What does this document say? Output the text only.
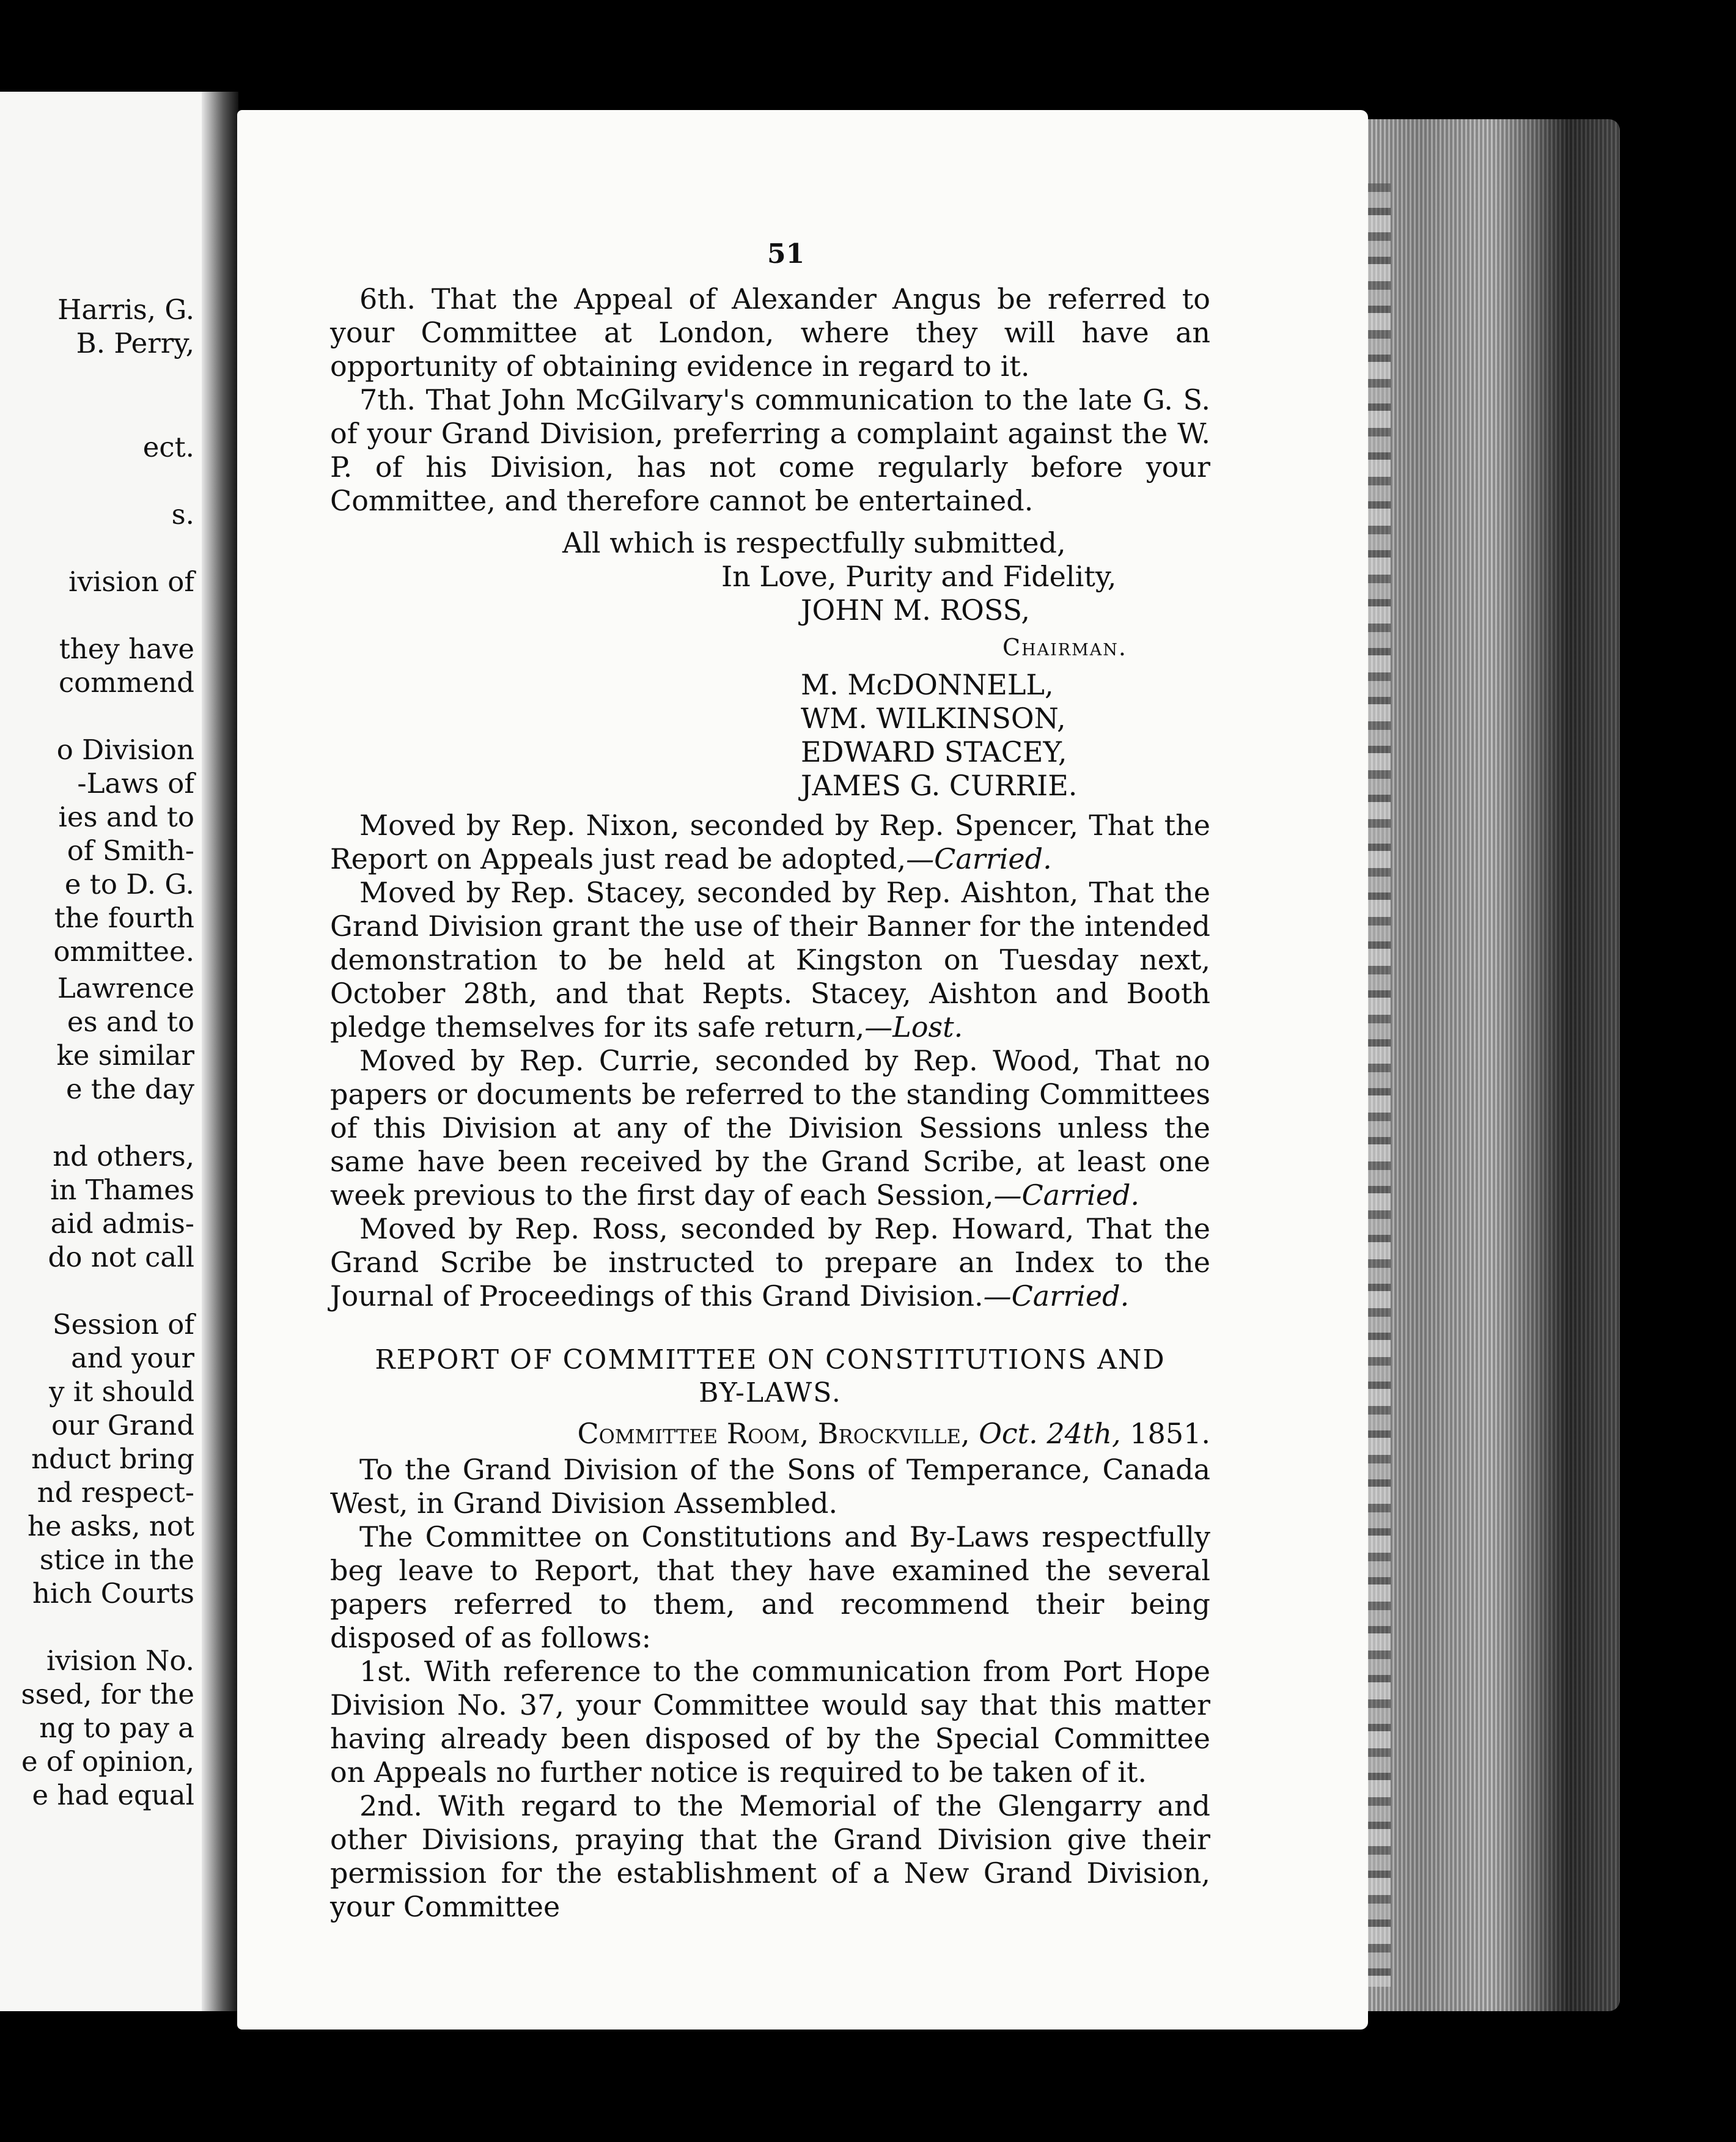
Harris, G.
B. Perry,
ect.
s.
ivision of
they have
commend
o Division
-Laws of
ies and to
of Smith-
e to D. G.
the fourth
ommittee.
Lawrence
es and to
ke similar
e the day
nd others,
in Thames
aid admis-
do not call
Session of
and your
y it should
our Grand
nduct bring
nd respect-
he asks, not
stice in the
hich Courts
ivision No.
ssed, for the
ng to pay a
e of opinion,
e had equal
51

6th. That the Appeal of Alexander Angus be referred to your Committee at London, where they will have an opportunity of obtaining evidence in regard to it.

7th. That John McGilvary's communication to the late G. S. of your Grand Division, preferring a complaint against the W. P. of his Division, has not come regularly before your Committee, and therefore cannot be entertained.

All which is respectfully submitted,
In Love, Purity and Fidelity,
JOHN M. ROSS,
Chairman.
M. McDONNELL,
WM. WILKINSON,
EDWARD STACEY,
JAMES G. CURRIE.

Moved by Rep. Nixon, seconded by Rep. Spencer, That the Report on Appeals just read be adopted,—Carried.

Moved by Rep. Stacey, seconded by Rep. Aishton, That the Grand Division grant the use of their Banner for the intended demonstration to be held at Kingston on Tuesday next, October 28th, and that Repts. Stacey, Aishton and Booth pledge themselves for its safe return,—Lost.

Moved by Rep. Currie, seconded by Rep. Wood, That no papers or documents be referred to the standing Committees of this Division at any of the Division Sessions unless the same have been received by the Grand Scribe, at least one week previous to the first day of each Session,—Carried.

Moved by Rep. Ross, seconded by Rep. Howard, That the Grand Scribe be instructed to prepare an Index to the Journal of Proceedings of this Grand Division.—Carried.

REPORT OF COMMITTEE ON CONSTITUTIONS AND
BY-LAWS.
Committee Room, Brockville, Oct. 24th, 1851.

To the Grand Division of the Sons of Temperance, Canada West, in Grand Division Assembled.

The Committee on Constitutions and By-Laws respectfully beg leave to Report, that they have examined the several papers referred to them, and recommend their being disposed of as follows:

1st. With reference to the communication from Port Hope Division No. 37, your Committee would say that this matter having already been disposed of by the Special Committee on Appeals no further notice is required to be taken of it.

2nd. With regard to the Memorial of the Glengarry and other Divisions, praying that the Grand Division give their permission for the establishment of a New Grand Division, your Committee
